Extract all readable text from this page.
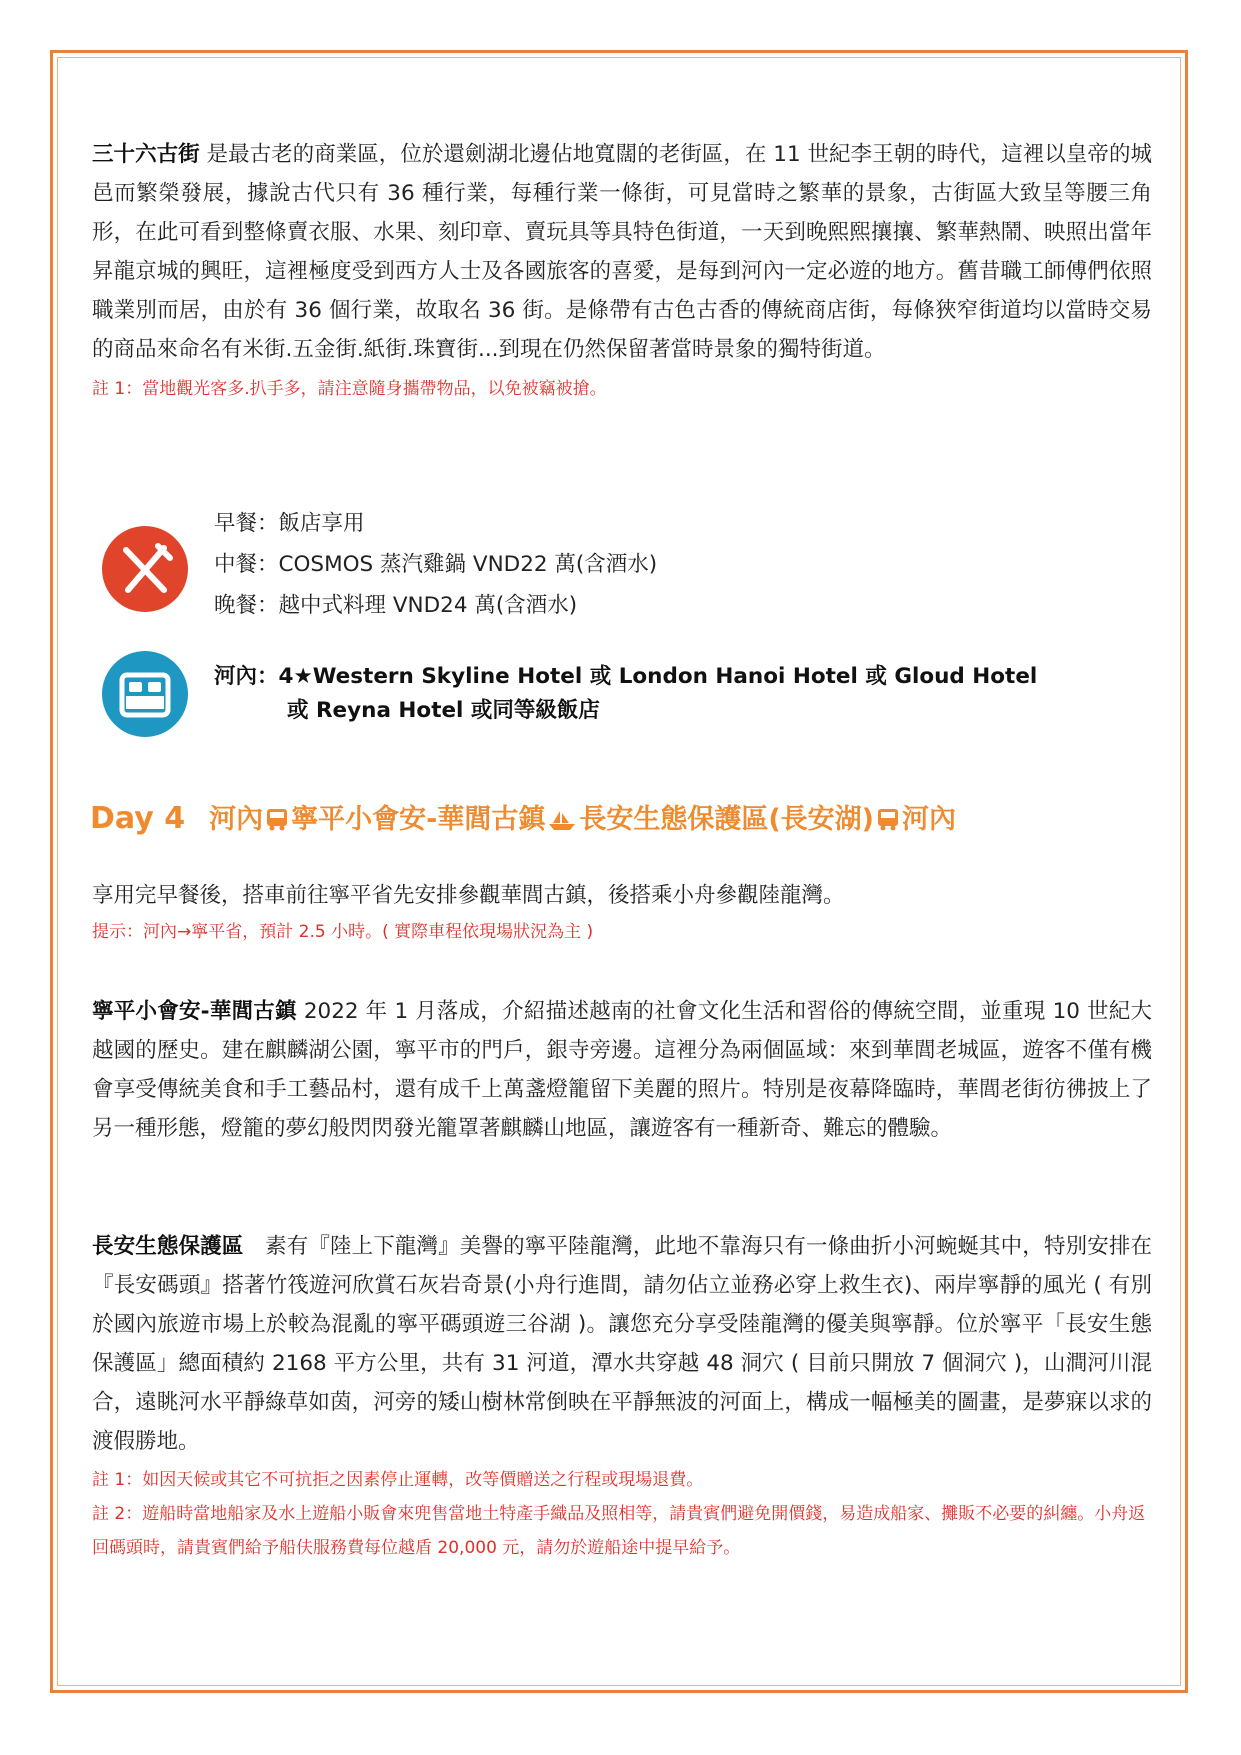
三十六古街 是最古老的商業區，位於還劍湖北邊佔地寬闊的老街區，在 11 世紀李王朝的時代，這裡以皇帝的城邑而繁榮發展，據說古代只有 36 種行業，每種行業一條街，可見當時之繁華的景象，古街區大致呈等腰三角形，在此可看到整條賣衣服、水果、刻印章、賣玩具等具特色街道，一天到晚熙熙攘攘、繁華熱鬧、映照出當年昇龍京城的興旺，這裡極度受到西方人士及各國旅客的喜愛，是每到河內一定必遊的地方。舊昔職工師傅們依照職業別而居，由於有 36 個行業，故取名 36 街。是條帶有古色古香的傳統商店街，每條狹窄街道均以當時交易的商品來命名有米街.五金街.紙街.珠寶街...到現在仍然保留著當時景象的獨特街道。

註 1：當地觀光客多.扒手多，請注意隨身攜帶物品，以免被竊被搶。

早餐：飯店享用
中餐：COSMOS 蒸汽雞鍋 VND22 萬(含酒水)
晚餐：越中式料理 VND24 萬(含酒水)
河內：4★Western Skyline Hotel 或 London Hanoi Hotel 或 Gloud Hotel
或 Reyna Hotel 或同等級飯店
Day 4 河內 寧平小會安-華閭古鎮 長安生態保護區(長安湖) 河內

享用完早餐後，搭車前往寧平省先安排參觀華閭古鎮，後搭乘小舟參觀陸龍灣。

提示：河內→寧平省，預計 2.5 小時。( 實際車程依現場狀況為主 )

寧平小會安-華閭古鎮 2022 年 1 月落成，介紹描述越南的社會文化生活和習俗的傳統空間，並重現 10 世紀大越國的歷史。建在麒麟湖公園，寧平市的門戶，銀寺旁邊。這裡分為兩個區域：來到華閭老城區，遊客不僅有機會享受傳統美食和手工藝品村，還有成千上萬盞燈籠留下美麗的照片。特別是夜幕降臨時，華閭老街彷彿披上了另一種形態，燈籠的夢幻般閃閃發光籠罩著麒麟山地區，讓遊客有一種新奇、難忘的體驗。

長安生態保護區　素有『陸上下龍灣』美譽的寧平陸龍灣，此地不靠海只有一條曲折小河蜿蜒其中，特別安排在『長安碼頭』搭著竹筏遊河欣賞石灰岩奇景(小舟行進間，請勿佔立並務必穿上救生衣)、兩岸寧靜的風光 ( 有別於國內旅遊市場上於較為混亂的寧平碼頭遊三谷湖 )。讓您充分享受陸龍灣的優美與寧靜。位於寧平「長安生態保護區」總面積約 2168 平方公里，共有 31 河道，潭水共穿越 48 洞穴 ( 目前只開放 7 個洞穴 )，山澗河川混合，遠眺河水平靜綠草如茵，河旁的矮山樹林常倒映在平靜無波的河面上，構成一幅極美的圖畫，是夢寐以求的渡假勝地。

註 1：如因天候或其它不可抗拒之因素停止運轉，改等價贈送之行程或現場退費。

註 2：遊船時當地船家及水上遊船小販會來兜售當地土特產手織品及照相等，請貴賓們避免開價錢，易造成船家、攤販不必要的糾纏。小舟返回碼頭時，請貴賓們給予船伕服務費每位越盾 20,000 元，請勿於遊船途中提早給予。
